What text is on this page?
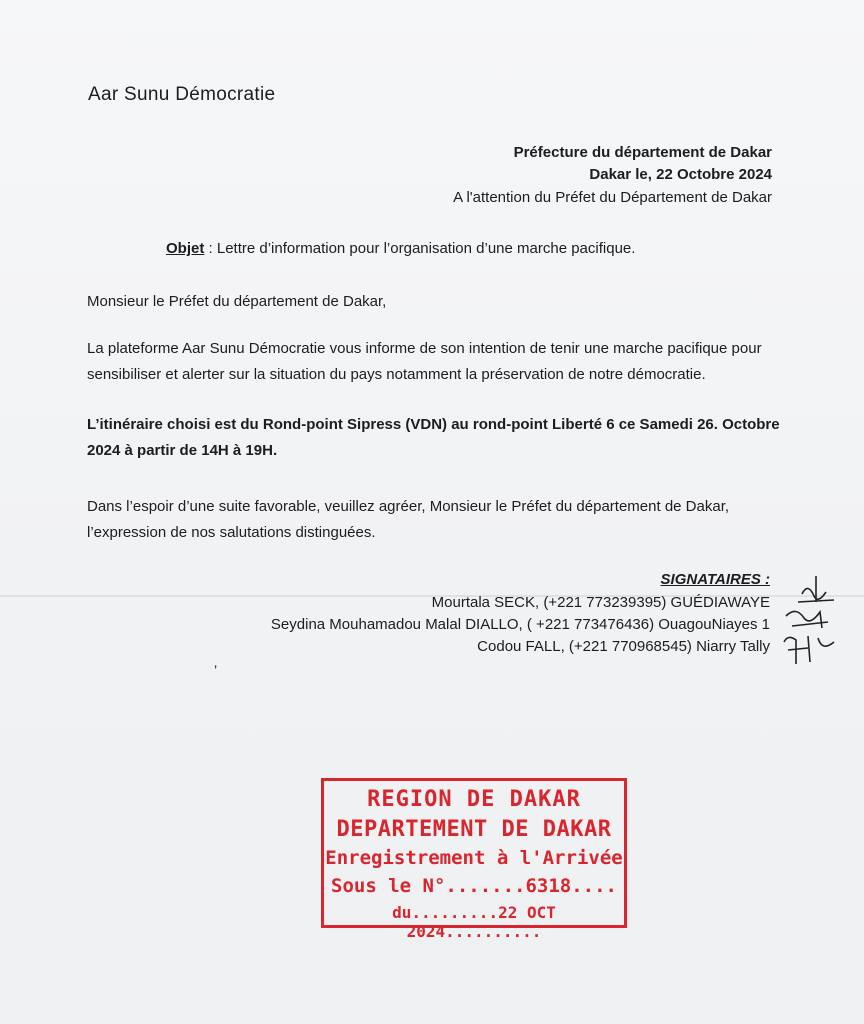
Aar Sunu Démocratie
Préfecture du département de Dakar
Dakar le, 22 Octobre 2024
A l'attention du Préfet du Département de Dakar
Objet : Lettre d’information pour l’organisation d’une marche pacifique.
Monsieur le Préfet du département de Dakar,
La plateforme Aar Sunu Démocratie vous informe de son intention de tenir une marche pacifique pour sensibiliser et alerter sur la situation du pays notamment la préservation de notre démocratie.
L’itinéraire choisi est du Rond-point Sipress (VDN) au rond-point Liberté 6 ce Samedi 26. Octobre 2024 à partir de 14H à 19H.
Dans l’espoir d’une suite favorable, veuillez agréer, Monsieur le Préfet du département de Dakar, l’expression de nos salutations distinguées.
SIGNATAIRES :
Mourtala SECK, (+221 773239395) GUÉDIAWAYE
Seydina Mouhamadou Malal DIALLO, ( +221 773476436) OuagouNiayes 1
Codou FALL, (+221 770968545) Niarry Tally
’
REGION DE DAKAR
DEPARTEMENT DE DAKAR
Enregistrement à l'Arrivée
Sous le N°.......6318....
du.........22 OCT 2024..........
